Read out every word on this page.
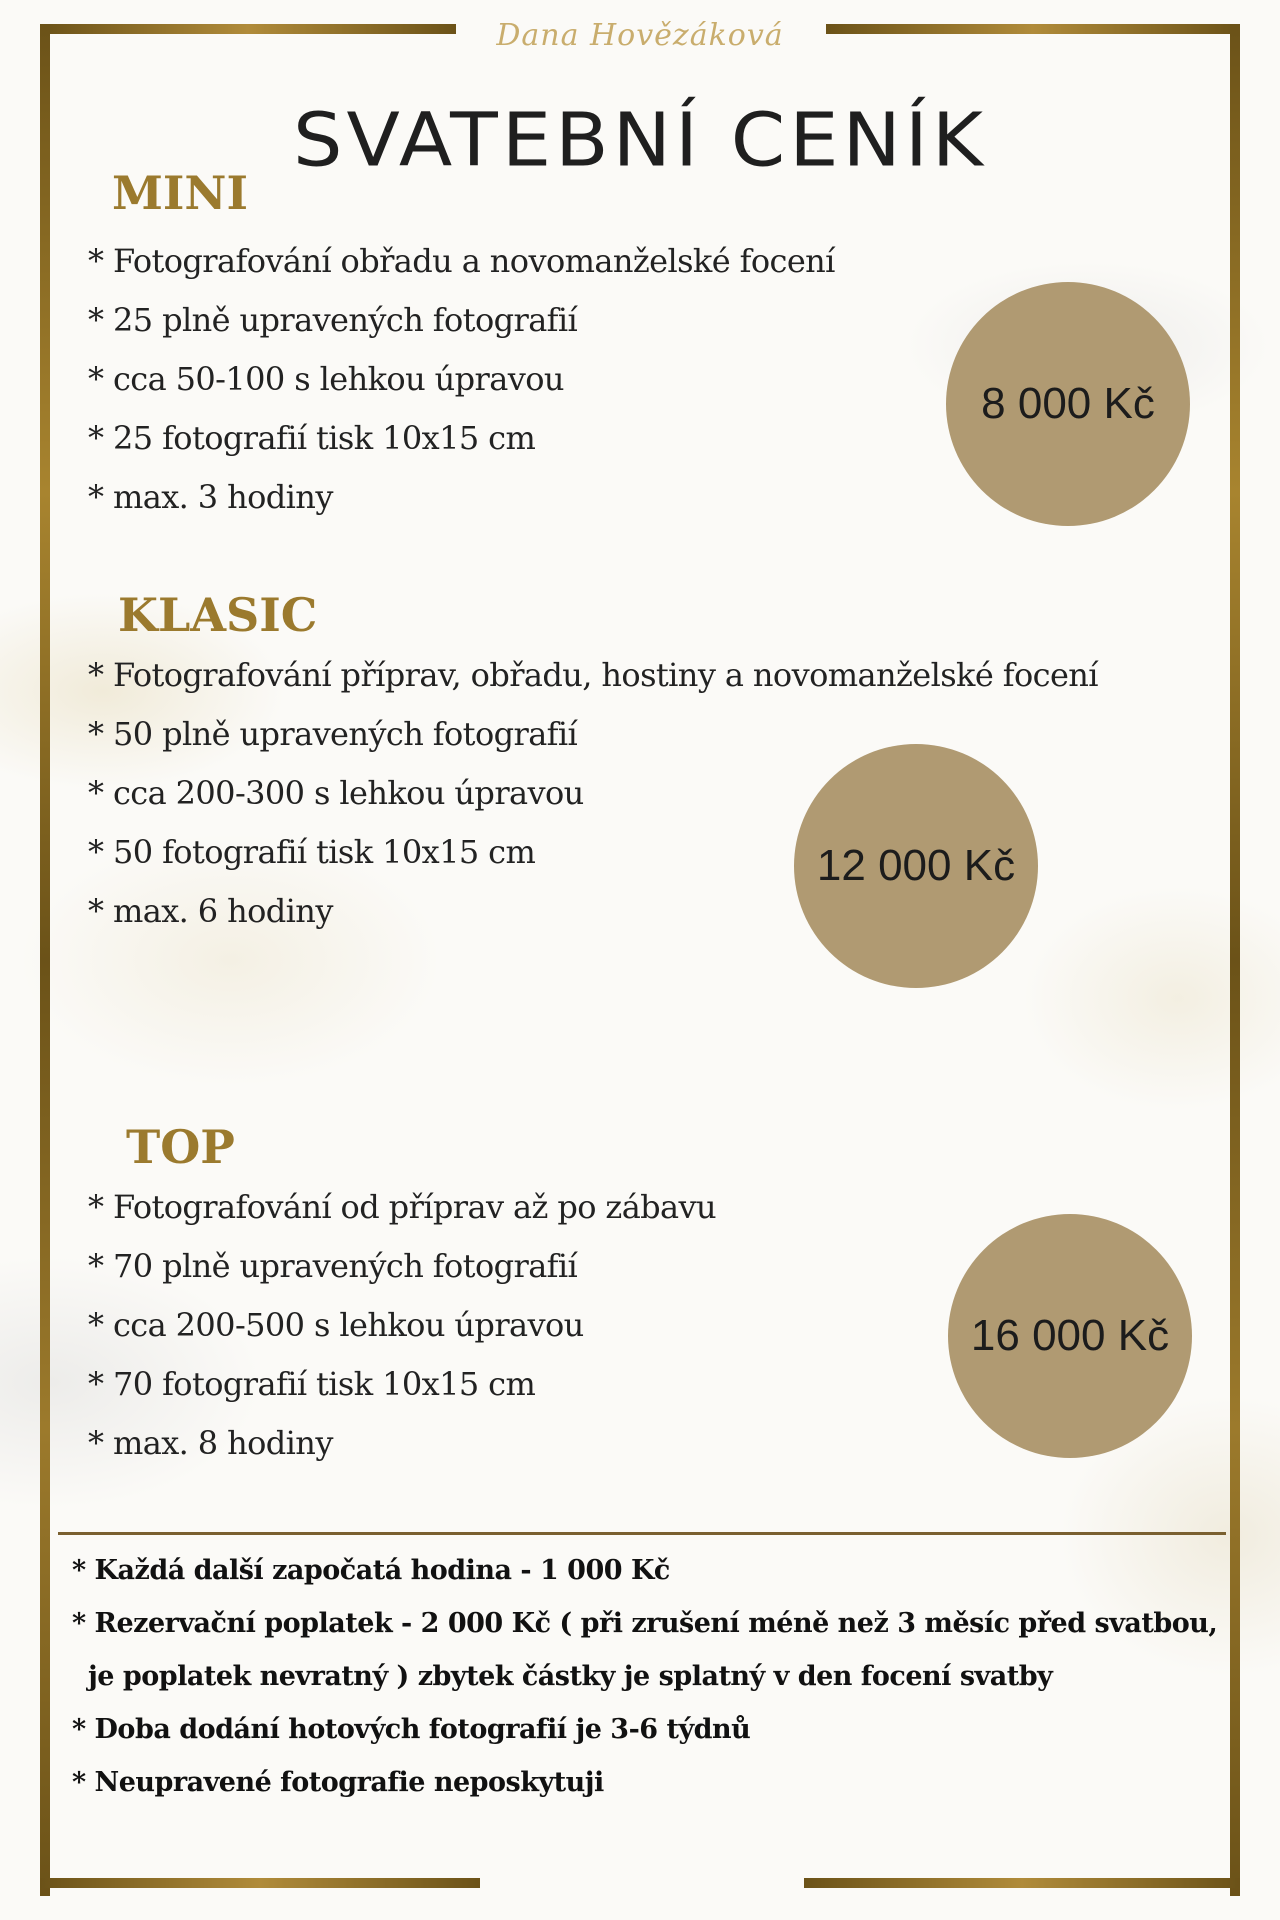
Dana Hovězáková
SVATEBNÍ CENÍK
MINI
* Fotografování obřadu a novomanželské focení
* 25 plně upravených fotografií
* cca 50-100 s lehkou úpravou
* 25 fotografií tisk 10x15 cm
* max. 3 hodiny
8 000 Kč
KLASIC
* Fotografování příprav, obřadu, hostiny a novomanželské focení
* 50 plně upravených fotografií
* cca 200-300 s lehkou úpravou
* 50 fotografií tisk 10x15 cm
* max. 6 hodiny
12 000 Kč
TOP
* Fotografování od příprav až po zábavu
* 70 plně upravených fotografií
* cca 200-500 s lehkou úpravou
* 70 fotografií tisk 10x15 cm
* max. 8 hodiny
16 000 Kč
* Každá další započatá hodina - 1 000 Kč
* Rezervační poplatek - 2 000 Kč ( při zrušení méně než 3 měsíc před svatbou,
je poplatek nevratný ) zbytek částky je splatný v den focení svatby
* Doba dodání hotových fotografií je 3-6 týdnů
* Neupravené fotografie neposkytuji
